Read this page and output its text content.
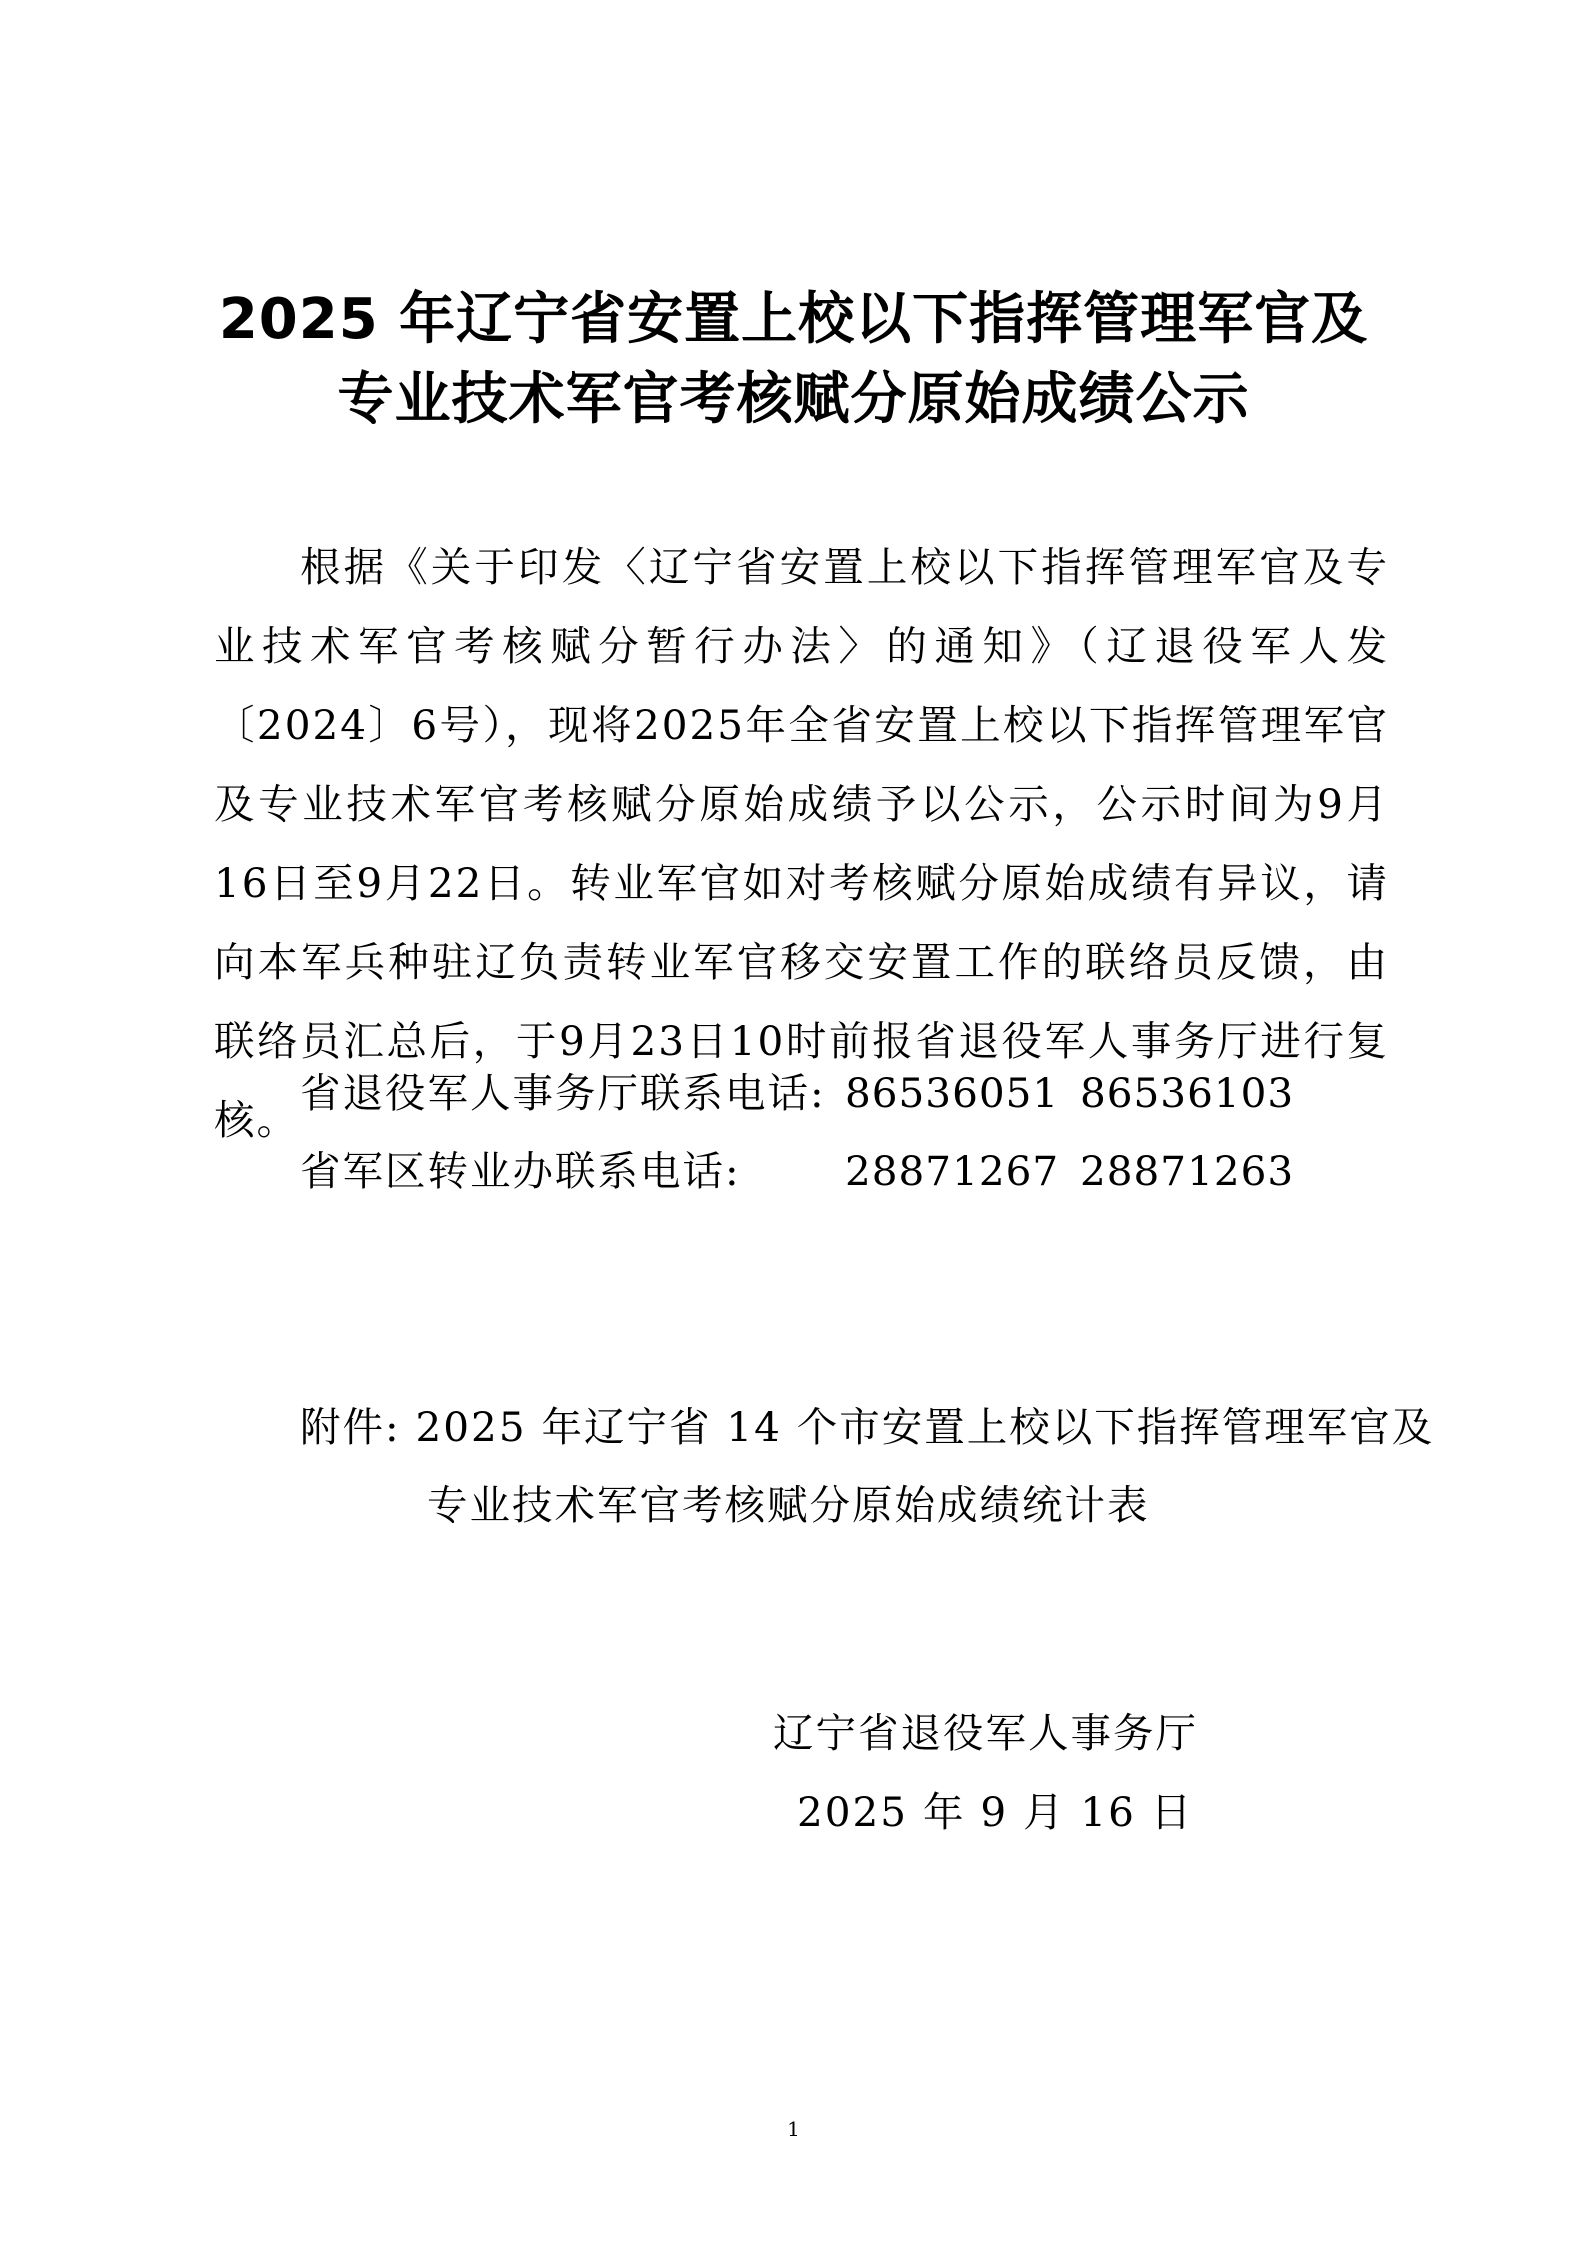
2025 年辽宁省安置上校以下指挥管理军官及
专业技术军官考核赋分原始成绩公示
根据《关于印发〈辽宁省安置上校以下指挥管理军官及专业技术军官考核赋分暂行办法〉的通知》（辽退役军人发〔2024〕6号），现将2025年全省安置上校以下指挥管理军官及专业技术军官考核赋分原始成绩予以公示，公示时间为9月16日至9月22日。转业军官如对考核赋分原始成绩有异议，请向本军兵种驻辽负责转业军官移交安置工作的联络员反馈，由联络员汇总后，于9月23日10时前报省退役军人事务厅进行复核。
省退役军人事务厅联系电话: 86536051 86536103
省军区转业办联系电话:	28871267 28871263
附件: 2025 年辽宁省 14 个市安置上校以下指挥管理军官及
专业技术军官考核赋分原始成绩统计表
辽宁省退役军人事务厅
2025 年 9 月 16 日
1
